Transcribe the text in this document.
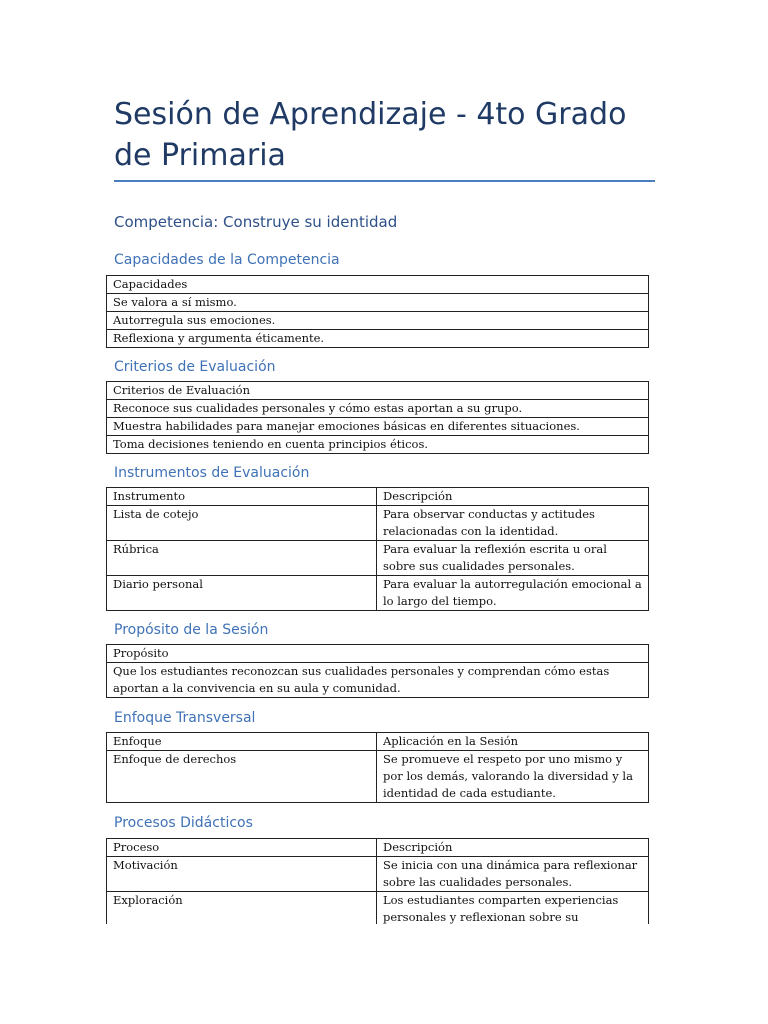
Sesión de Aprendizaje - 4to Grado de Primaria
Competencia: Construye su identidad
Capacidades de la Competencia
Capacidades
Se valora a sí mismo.
Autorregula sus emociones.
Reflexiona y argumenta éticamente.
Criterios de Evaluación
Criterios de Evaluación
Reconoce sus cualidades personales y cómo estas aportan a su grupo.
Muestra habilidades para manejar emociones básicas en diferentes situaciones.
Toma decisiones teniendo en cuenta principios éticos.
Instrumentos de Evaluación
Instrumento	Descripción
Lista de cotejo	Para observar conductas y actitudes relacionadas con la identidad.
Rúbrica	Para evaluar la reflexión escrita u oral sobre sus cualidades personales.
Diario personal	Para evaluar la autorregulación emocional a lo largo del tiempo.
Propósito de la Sesión
Propósito
Que los estudiantes reconozcan sus cualidades personales y comprendan cómo estas aportan a la convivencia en su aula y comunidad.
Enfoque Transversal
Enfoque	Aplicación en la Sesión
Enfoque de derechos	Se promueve el respeto por uno mismo y por los demás, valorando la diversidad y la identidad de cada estudiante.
Procesos Didácticos
Proceso	Descripción
Motivación	Se inicia con una dinámica para reflexionar sobre las cualidades personales.
Exploración	Los estudiantes comparten experiencias personales y reflexionan sobre su
